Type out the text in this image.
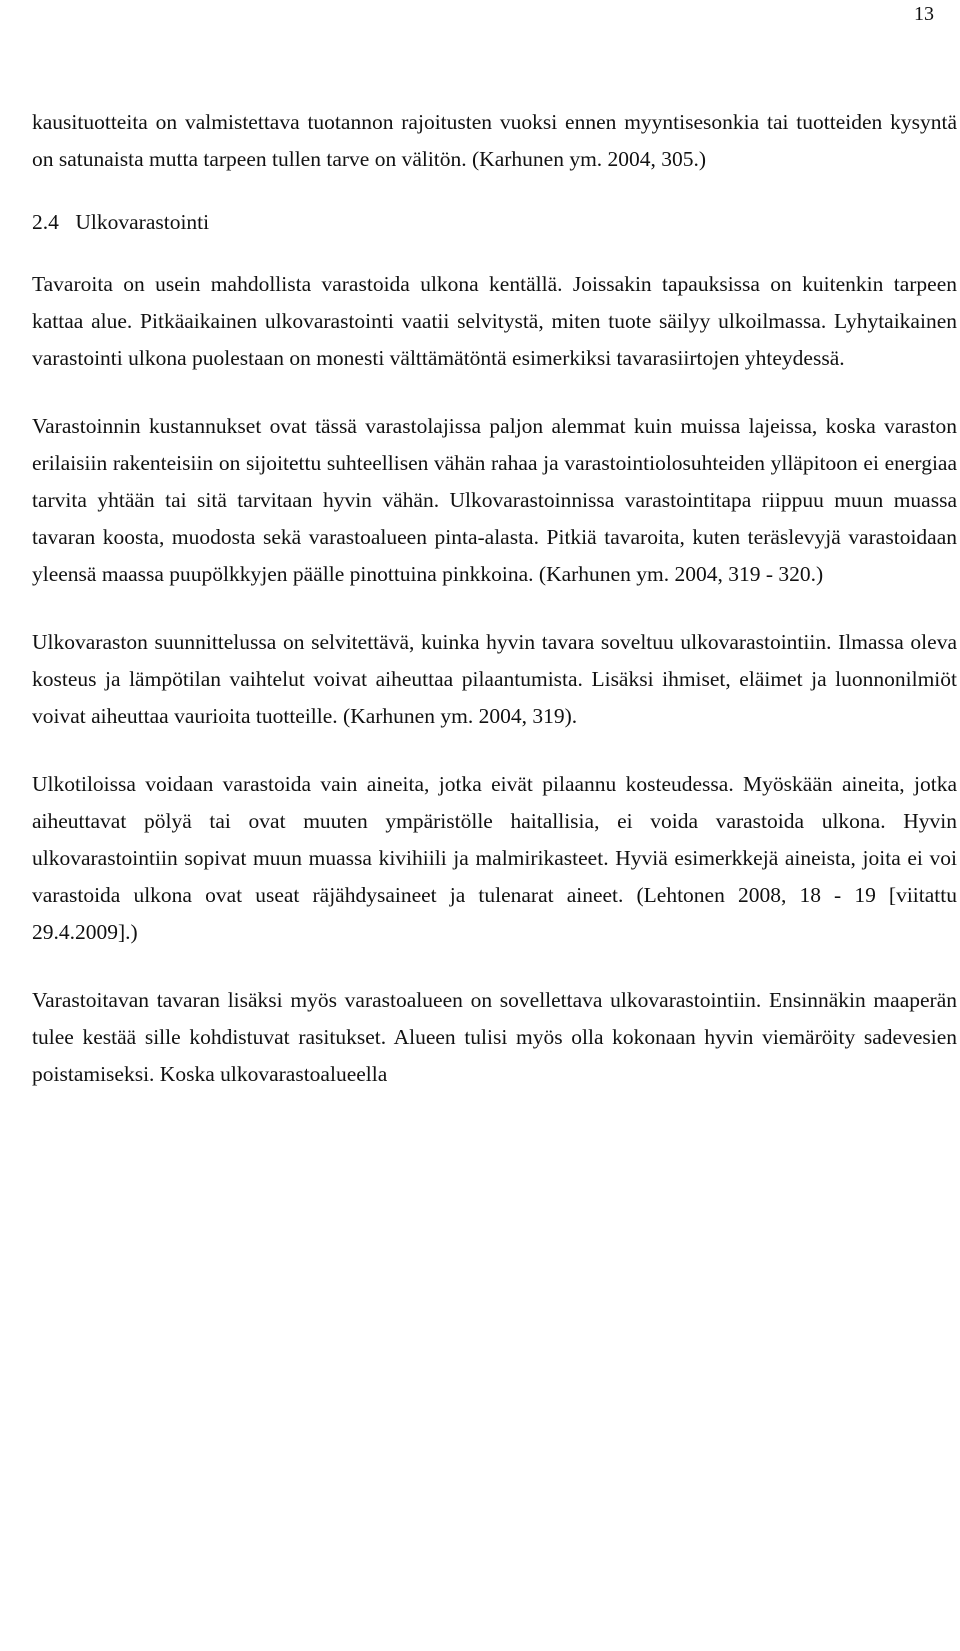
13

kausituotteita on valmistettava tuotannon rajoitusten vuoksi ennen myyntisesonkia tai tuotteiden kysyntä on satunaista mutta tarpeen tullen tarve on välitön. (Karhunen ym. 2004, 305.)

2.4 Ulkovarastointi

Tavaroita on usein mahdollista varastoida ulkona kentällä. Joissakin tapauksissa on kuitenkin tarpeen kattaa alue. Pitkäaikainen ulkovarastointi vaatii selvitystä, miten tuote säilyy ulkoilmassa. Lyhytaikainen varastointi ulkona puolestaan on monesti välttämätöntä esimerkiksi tavarasiirtojen yhteydessä.

Varastoinnin kustannukset ovat tässä varastolajissa paljon alemmat kuin muissa lajeissa, koska varaston erilaisiin rakenteisiin on sijoitettu suhteellisen vähän rahaa ja varastointiolosuhteiden ylläpitoon ei energiaa tarvita yhtään tai sitä tarvitaan hyvin vähän. Ulkovarastoinnissa varastointitapa riippuu muun muassa tavaran koosta, muodosta sekä varastoalueen pinta-alasta. Pitkiä tavaroita, kuten teräslevyjä varastoidaan yleensä maassa puupölkkyjen päälle pinottuina pinkkoina. (Karhunen ym. 2004, 319 - 320.)

Ulkovaraston suunnittelussa on selvitettävä, kuinka hyvin tavara soveltuu ulkovarastointiin. Ilmassa oleva kosteus ja lämpötilan vaihtelut voivat aiheuttaa pilaantumista. Lisäksi ihmiset, eläimet ja luonnonilmiöt voivat aiheuttaa vaurioita tuotteille. (Karhunen ym. 2004, 319).

Ulkotiloissa voidaan varastoida vain aineita, jotka eivät pilaannu kosteudessa. Myöskään aineita, jotka aiheuttavat pölyä tai ovat muuten ympäristölle haitallisia, ei voida varastoida ulkona. Hyvin ulkovarastointiin sopivat muun muassa kivihiili ja malmirikasteet. Hyviä esimerkkejä aineista, joita ei voi varastoida ulkona ovat useat räjähdysaineet ja tulenarat aineet. (Lehtonen 2008, 18 - 19 [viitattu 29.4.2009].)

Varastoitavan tavaran lisäksi myös varastoalueen on sovellettava ulkovarastointiin. Ensinnäkin maaperän tulee kestää sille kohdistuvat rasitukset. Alueen tulisi myös olla kokonaan hyvin viemäröity sadevesien poistamiseksi. Koska ulkovarastoalueella
